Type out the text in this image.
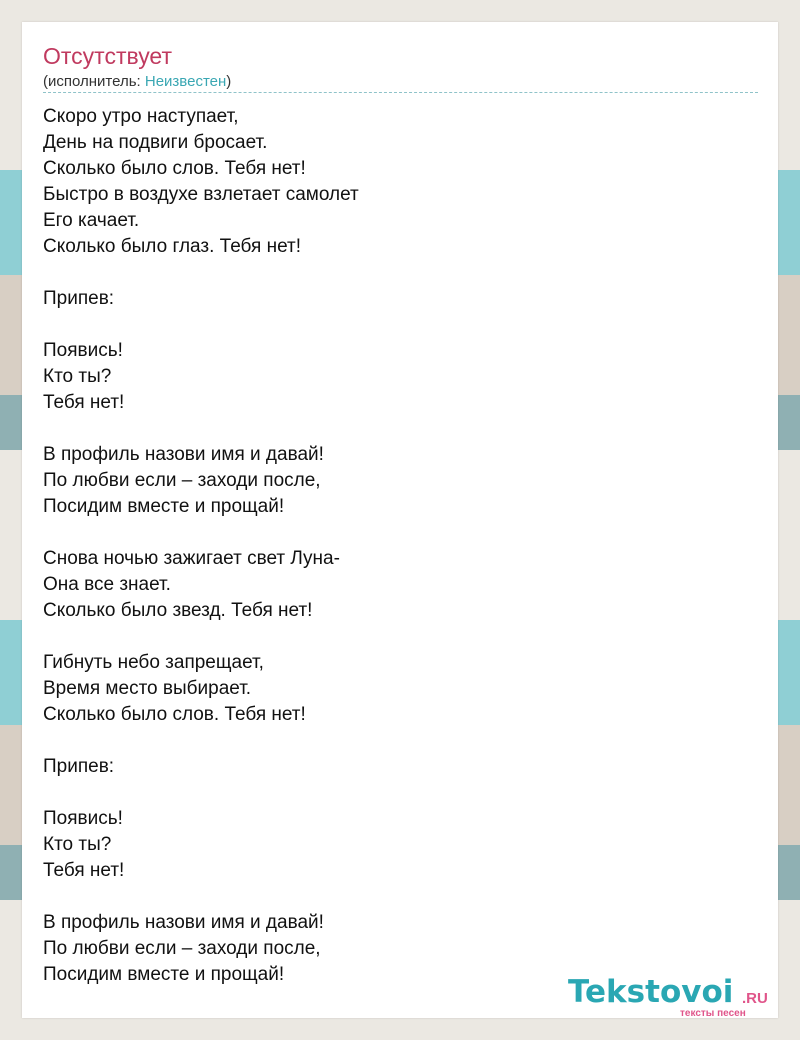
Отсутствует
(исполнитель: Неизвестен)
Скоро утро наступает,
День на подвиги бросает.
Сколько было слов. Тебя нет!
Быстро в воздухе взлетает самолет
Его качает.
Сколько было глаз. Тебя нет!
Припев:
Появись!
Кто ты?
Тебя нет!
В профиль назови имя и давай!
По любви если – заходи после,
Посидим вместе и прощай!
Снова ночью зажигает свет Луна-
Она все знает.
Сколько было звезд. Тебя нет!
Гибнуть небо запрещает,
Время место выбирает.
Сколько было слов. Тебя нет!
Припев:
Появись!
Кто ты?
Тебя нет!
В профиль назови имя и давай!
По любви если – заходи после,
Посидим вместе и прощай!	Tekstovoi .RU
тексты песен
